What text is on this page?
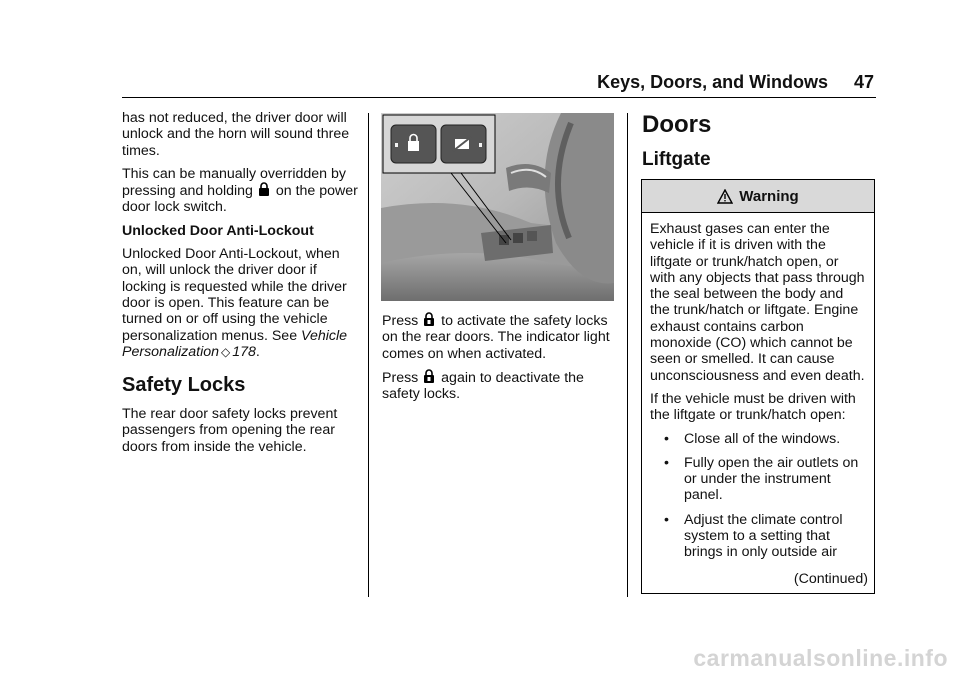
Keys, Doors, and Windows 47

has not reduced, the driver door will unlock and the horn will sound three times.

This can be manually overridden by pressing and holding on the power door lock switch.

Unlocked Door Anti-Lockout

Unlocked Door Anti-Lockout, when on, will unlock the driver door if locking is requested while the driver door is open. This feature can be turned on or off using the vehicle personalization menus. See Vehicle Personalization ◇ 178.

Safety Locks

The rear door safety locks prevent passengers from opening the rear doors from inside the vehicle.

Press to activate the safety locks on the rear doors. The indicator light comes on when activated.

Press again to deactivate the safety locks.

Doors
Liftgate
Warning

Exhaust gases can enter the vehicle if it is driven with the liftgate or trunk/hatch open, or with any objects that pass through the seal between the body and the trunk/hatch or liftgate. Engine exhaust contains carbon monoxide (CO) which cannot be seen or smelled. It can cause unconsciousness and even death.

If the vehicle must be driven with the liftgate or trunk/hatch open:

• Close all of the windows.
• Fully open the air outlets on or under the instrument panel.
• Adjust the climate control system to a setting that brings in only outside air
(Continued)
carmanualsonline.info
